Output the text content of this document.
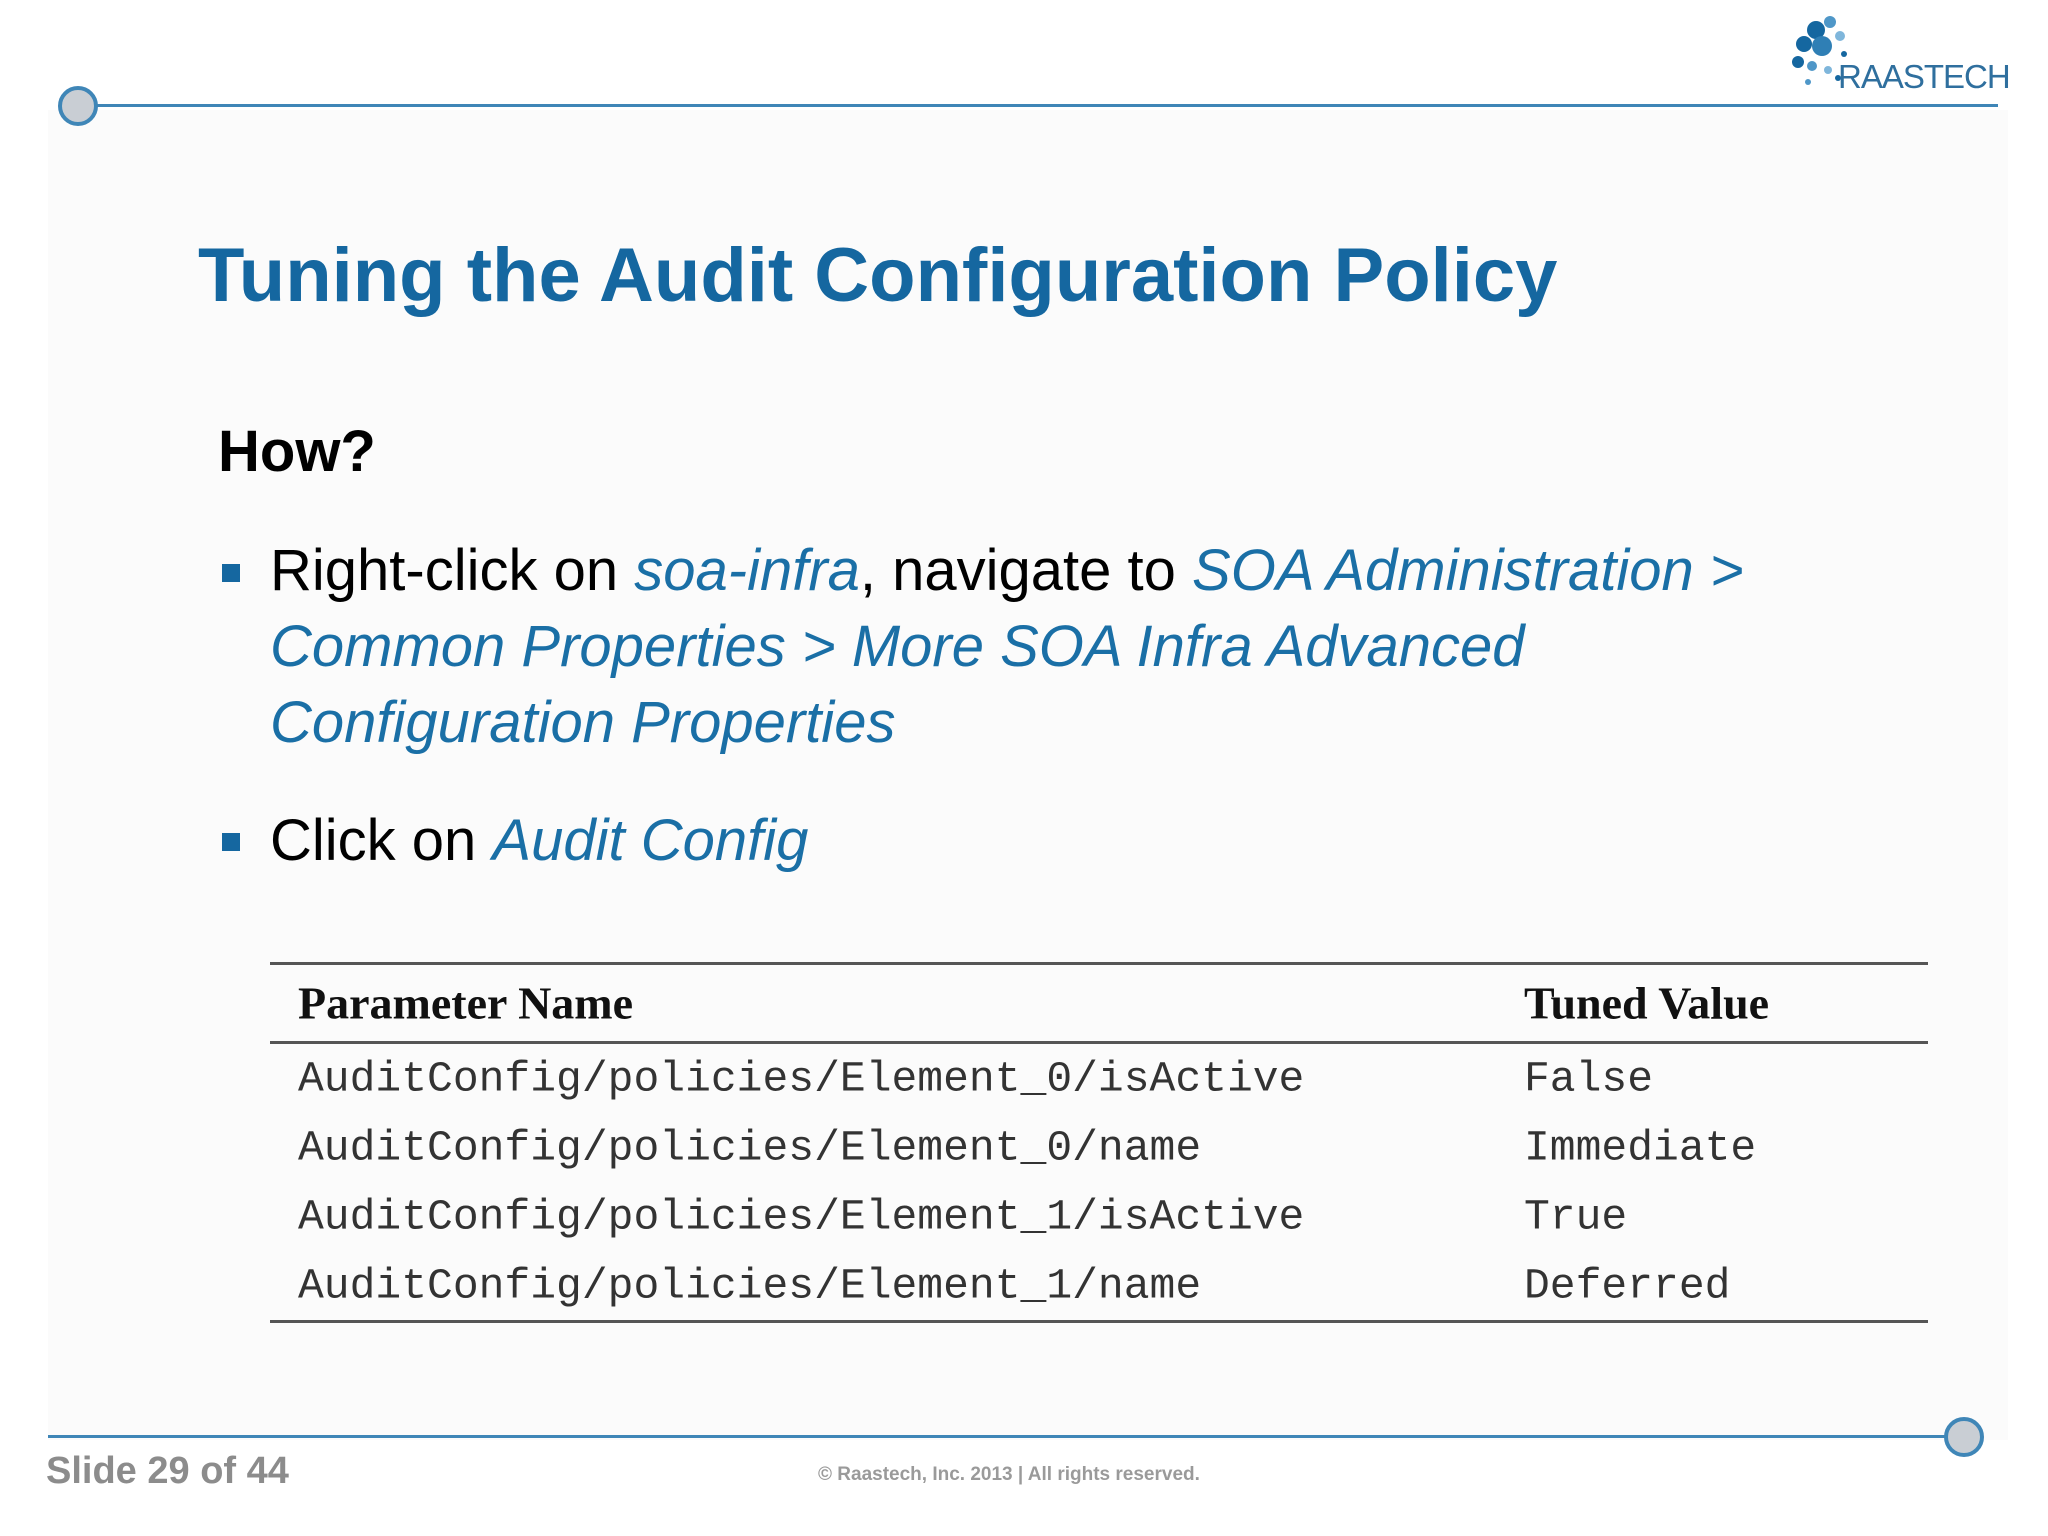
RAASTECH
Tuning the Audit Configuration Policy
How?
Right-click on soa-infra, navigate to SOA Administration >
Common Properties > More SOA Infra Advanced
Configuration Properties
Click on Audit Config
Parameter Name	Tuned Value
AuditConfig/policies/Element_0/isActive	False
AuditConfig/policies/Element_0/name	Immediate
AuditConfig/policies/Element_1/isActive	True
AuditConfig/policies/Element_1/name	Deferred
Slide 29 of 44	© Raastech, Inc. 2013 | All rights reserved.
